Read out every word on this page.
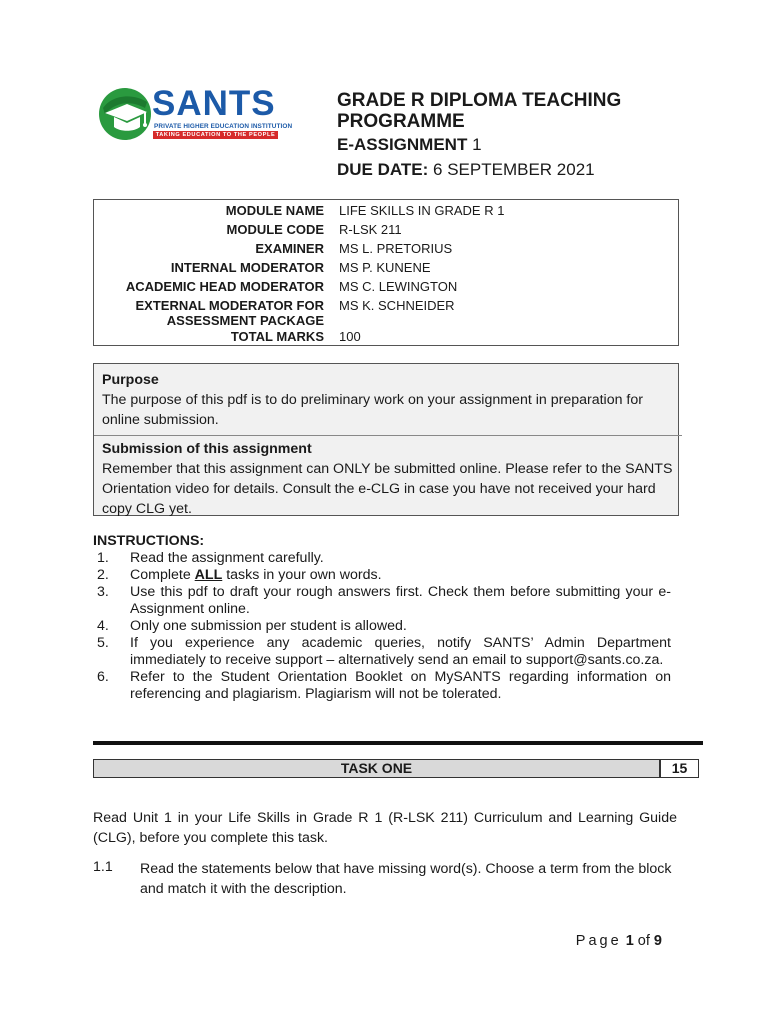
SANTS
PRIVATE HIGHER EDUCATION INSTITUTION
TAKING EDUCATION TO THE PEOPLE
GRADE R DIPLOMA TEACHING PROGRAMME
E-ASSIGNMENT 1
DUE DATE: 6 SEPTEMBER 2021
MODULE NAME LIFE SKILLS IN GRADE R 1
MODULE CODE R-LSK 211
EXAMINER MS L. PRETORIUS
INTERNAL MODERATOR MS P. KUNENE
ACADEMIC HEAD MODERATOR MS C. LEWINGTON
EXTERNAL MODERATOR FOR MS K. SCHNEIDER
ASSESSMENT PACKAGE
TOTAL MARKS 100
Purpose
The purpose of this pdf is to do preliminary work on your assignment in preparation for online submission.
Submission of this assignment
Remember that this assignment can ONLY be submitted online. Please refer to the SANTS Orientation video for details. Consult the e-CLG in case you have not received your hard copy CLG yet.
INSTRUCTIONS:
1. Read the assignment carefully.
2. Complete ALL tasks in your own words.
3. Use this pdf to draft your rough answers first. Check them before submitting your e-Assignment online.
4. Only one submission per student is allowed.
5. If you experience any academic queries, notify SANTS’ Admin Department immediately to receive support – alternatively send an email to support@sants.co.za.
6. Refer to the Student Orientation Booklet on MySANTS regarding information on referencing and plagiarism. Plagiarism will not be tolerated.
TASK ONE	15
Read Unit 1 in your Life Skills in Grade R 1 (R-LSK 211) Curriculum and Learning Guide (CLG), before you complete this task.
1.1 Read the statements below that have missing word(s). Choose a term from the block and match it with the description.
Page 1 of 9
